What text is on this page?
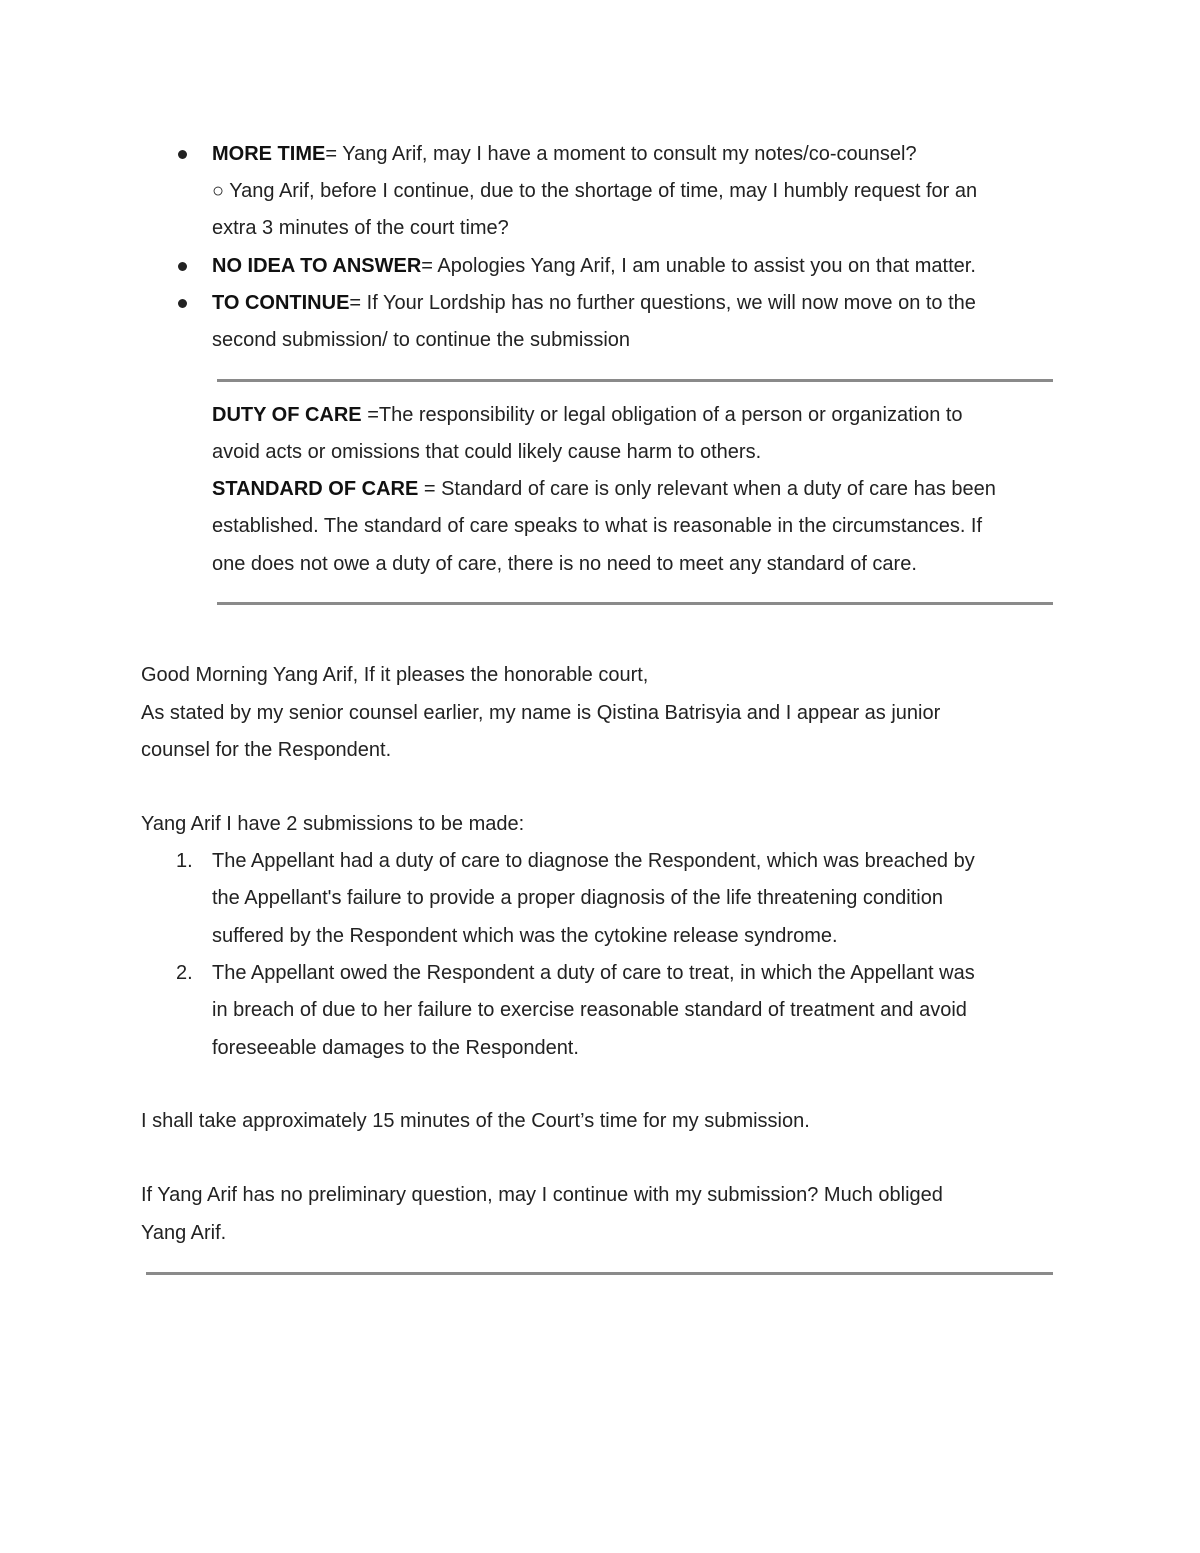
MORE TIME= Yang Arif, may I have a moment to consult my notes/co-counsel?
○ Yang Arif, before I continue, due to the shortage of time, may I humbly request for an
extra 3 minutes of the court time?
NO IDEA TO ANSWER= Apologies Yang Arif, I am unable to assist you on that matter.
TO CONTINUE= If Your Lordship has no further questions, we will now move on to the
second submission/ to continue the submission
DUTY OF CARE =The responsibility or legal obligation of a person or organization to
avoid acts or omissions that could likely cause harm to others.
STANDARD OF CARE = Standard of care is only relevant when a duty of care has been
established. The standard of care speaks to what is reasonable in the circumstances. If
one does not owe a duty of care, there is no need to meet any standard of care.
Good Morning Yang Arif, If it pleases the honorable court,
As stated by my senior counsel earlier, my name is Qistina Batrisyia and I appear as junior
counsel for the Respondent.
Yang Arif I have 2 submissions to be made:
1. The Appellant had a duty of care to diagnose the Respondent, which was breached by
the Appellant's failure to provide a proper diagnosis of the life threatening condition
suffered by the Respondent which was the cytokine release syndrome.
2. The Appellant owed the Respondent a duty of care to treat, in which the Appellant was
in breach of due to her failure to exercise reasonable standard of treatment and avoid
foreseeable damages to the Respondent.
I shall take approximately 15 minutes of the Court’s time for my submission.
If Yang Arif has no preliminary question, may I continue with my submission? Much obliged
Yang Arif.
